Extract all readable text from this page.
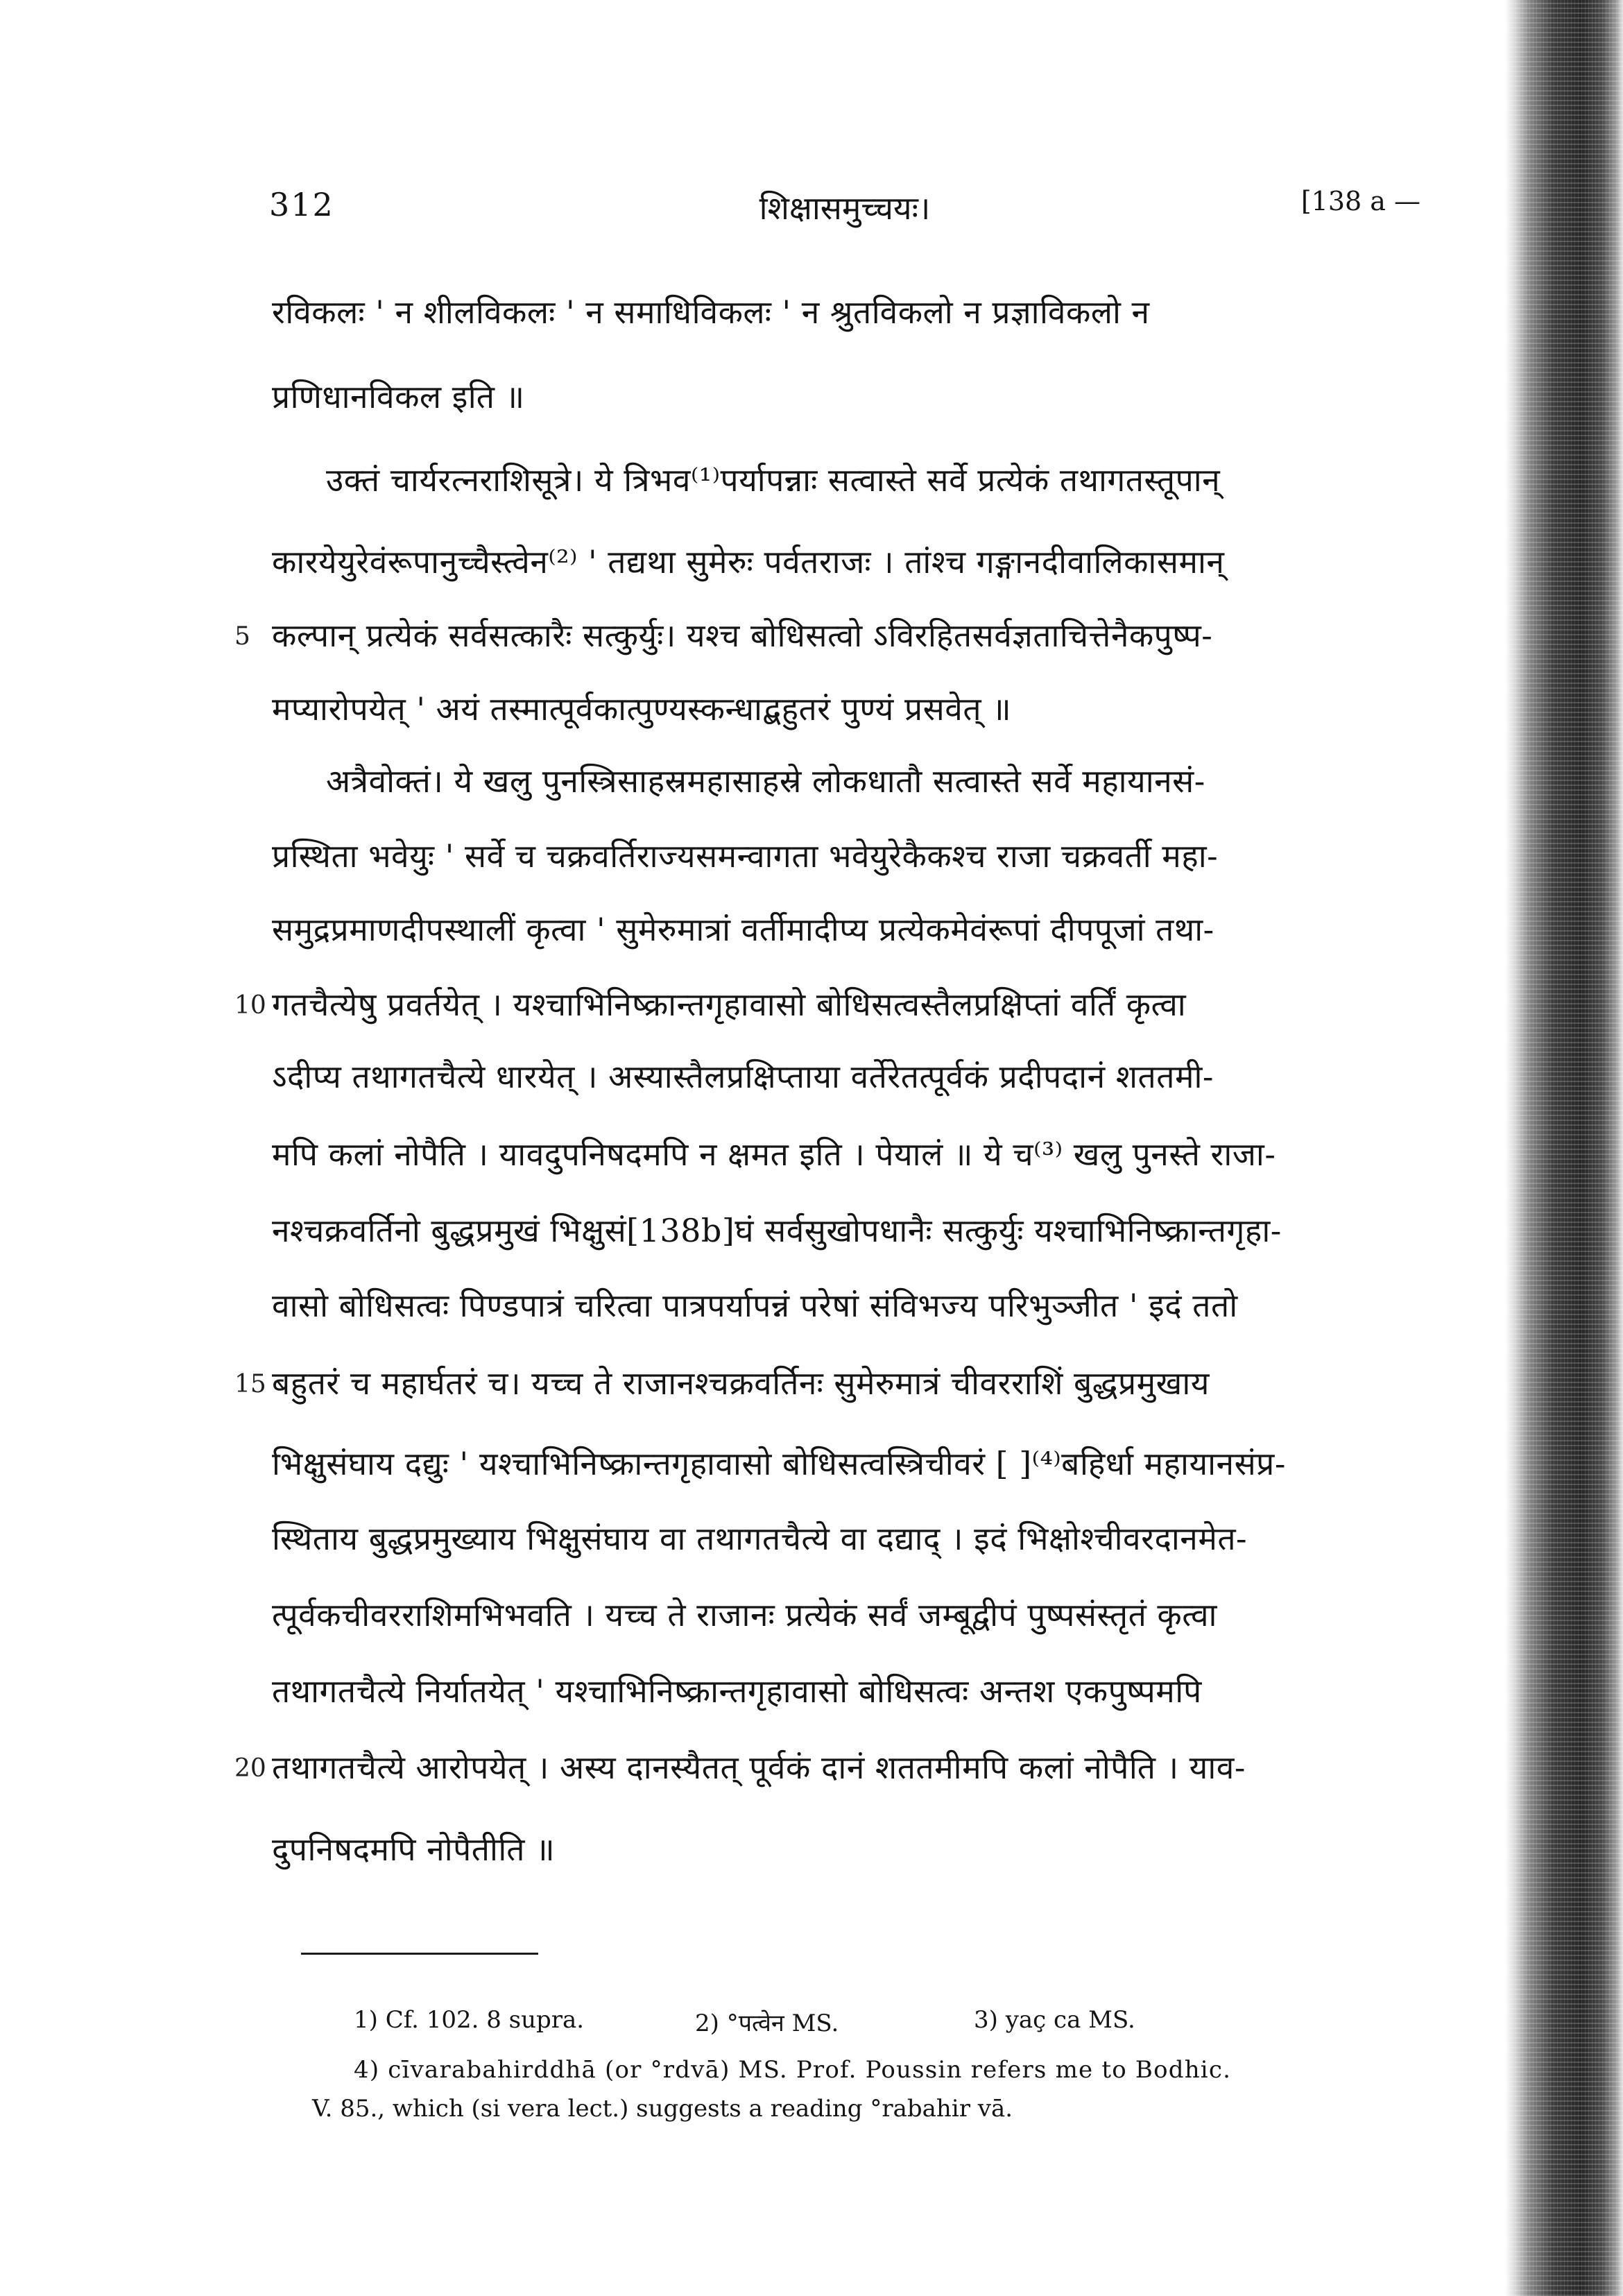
312	शिक्षासमुच्चयः।	[138 a —
रविकलः ' न शीलविकलः ' न समाधिविकलः ' न श्रुतविकलो न प्रज्ञाविकलो न
प्रणिधानविकल इति ॥
उक्तं चार्यरत्नराशिसूत्रे। ये त्रिभव⁽¹⁾पर्यापन्नाः सत्वास्ते सर्वे प्रत्येकं तथागतस्तूपान्
कारयेयुरेवंरूपानुच्चैस्त्वेन⁽²⁾ ' तद्यथा सुमेरुः पर्वतराजः । तांश्च गङ्गानदीवालिकासमान्
5 कल्पान् प्रत्येकं सर्वसत्कारैः सत्कुर्युः। यश्च बोधिसत्वो ऽविरहितसर्वज्ञताचित्तेनैकपुष्प-
मप्यारोपयेत् ' अयं तस्मात्पूर्वकात्पुण्यस्कन्धाद्बहुतरं पुण्यं प्रसवेत् ॥
अत्रैवोक्तं। ये खलु पुनस्त्रिसाहस्रमहासाहस्रे लोकधातौ सत्वास्ते सर्वे महायानसं-
प्रस्थिता भवेयुः ' सर्वे च चक्रवर्तिराज्यसमन्वागता भवेयुरेकैकश्च राजा चक्रवर्ती महा-
समुद्रप्रमाणदीपस्थालीं कृत्वा ' सुमेरुमात्रां वर्तीमादीप्य प्रत्येकमेवंरूपां दीपपूजां तथा-
10 गतचैत्येषु प्रवर्तयेत् । यश्चाभिनिष्क्रान्तगृहावासो बोधिसत्वस्तैलप्रक्षिप्तां वर्तिं कृत्वा
ऽदीप्य तथागतचैत्ये धारयेत् । अस्यास्तैलप्रक्षिप्ताया वर्तेरेतत्पूर्वकं प्रदीपदानं शततमी-
मपि कलां नोपैति । यावदुपनिषदमपि न क्षमत इति । पेयालं ॥ ये च⁽³⁾ खलु पुनस्ते राजा-
नश्चक्रवर्तिनो बुद्धप्रमुखं भिक्षुसं[138b]घं सर्वसुखोपधानैः सत्कुर्युः यश्चाभिनिष्क्रान्तगृहा-
वासो बोधिसत्वः पिण्डपात्रं चरित्वा पात्रपर्यापन्नं परेषां संविभज्य परिभुञ्जीत ' इदं ततो
15 बहुतरं च महार्घतरं च। यच्च ते राजानश्चक्रवर्तिनः सुमेरुमात्रं चीवरराशिं बुद्धप्रमुखाय
भिक्षुसंघाय दद्युः ' यश्चाभिनिष्क्रान्तगृहावासो बोधिसत्वस्त्रिचीवरं [ ]⁽⁴⁾बहिर्धा महायानसंप्र-
स्थिताय बुद्धप्रमुख्याय भिक्षुसंघाय वा तथागतचैत्ये वा दद्याद् । इदं भिक्षोश्चीवरदानमेत-
त्पूर्वकचीवरराशिमभिभवति । यच्च ते राजानः प्रत्येकं सर्वं जम्बूद्वीपं पुष्पसंस्तृतं कृत्वा
तथागतचैत्ये निर्यातयेत् ' यश्चाभिनिष्क्रान्तगृहावासो बोधिसत्वः अन्तश एकपुष्पमपि
20 तथागतचैत्ये आरोपयेत् । अस्य दानस्यैतत् पूर्वकं दानं शततमीमपि कलां नोपैति । याव-
दुपनिषदमपि नोपैतीति ॥
1) Cf. 102. 8 supra.	2) °पत्वेन MS.	3) yaç ca MS.
4) cīvarabahirddhā (or °rdvā) MS. Prof. Poussin refers me to Bodhic.
V. 85., which (si vera lect.) suggests a reading °rabahir vā.
